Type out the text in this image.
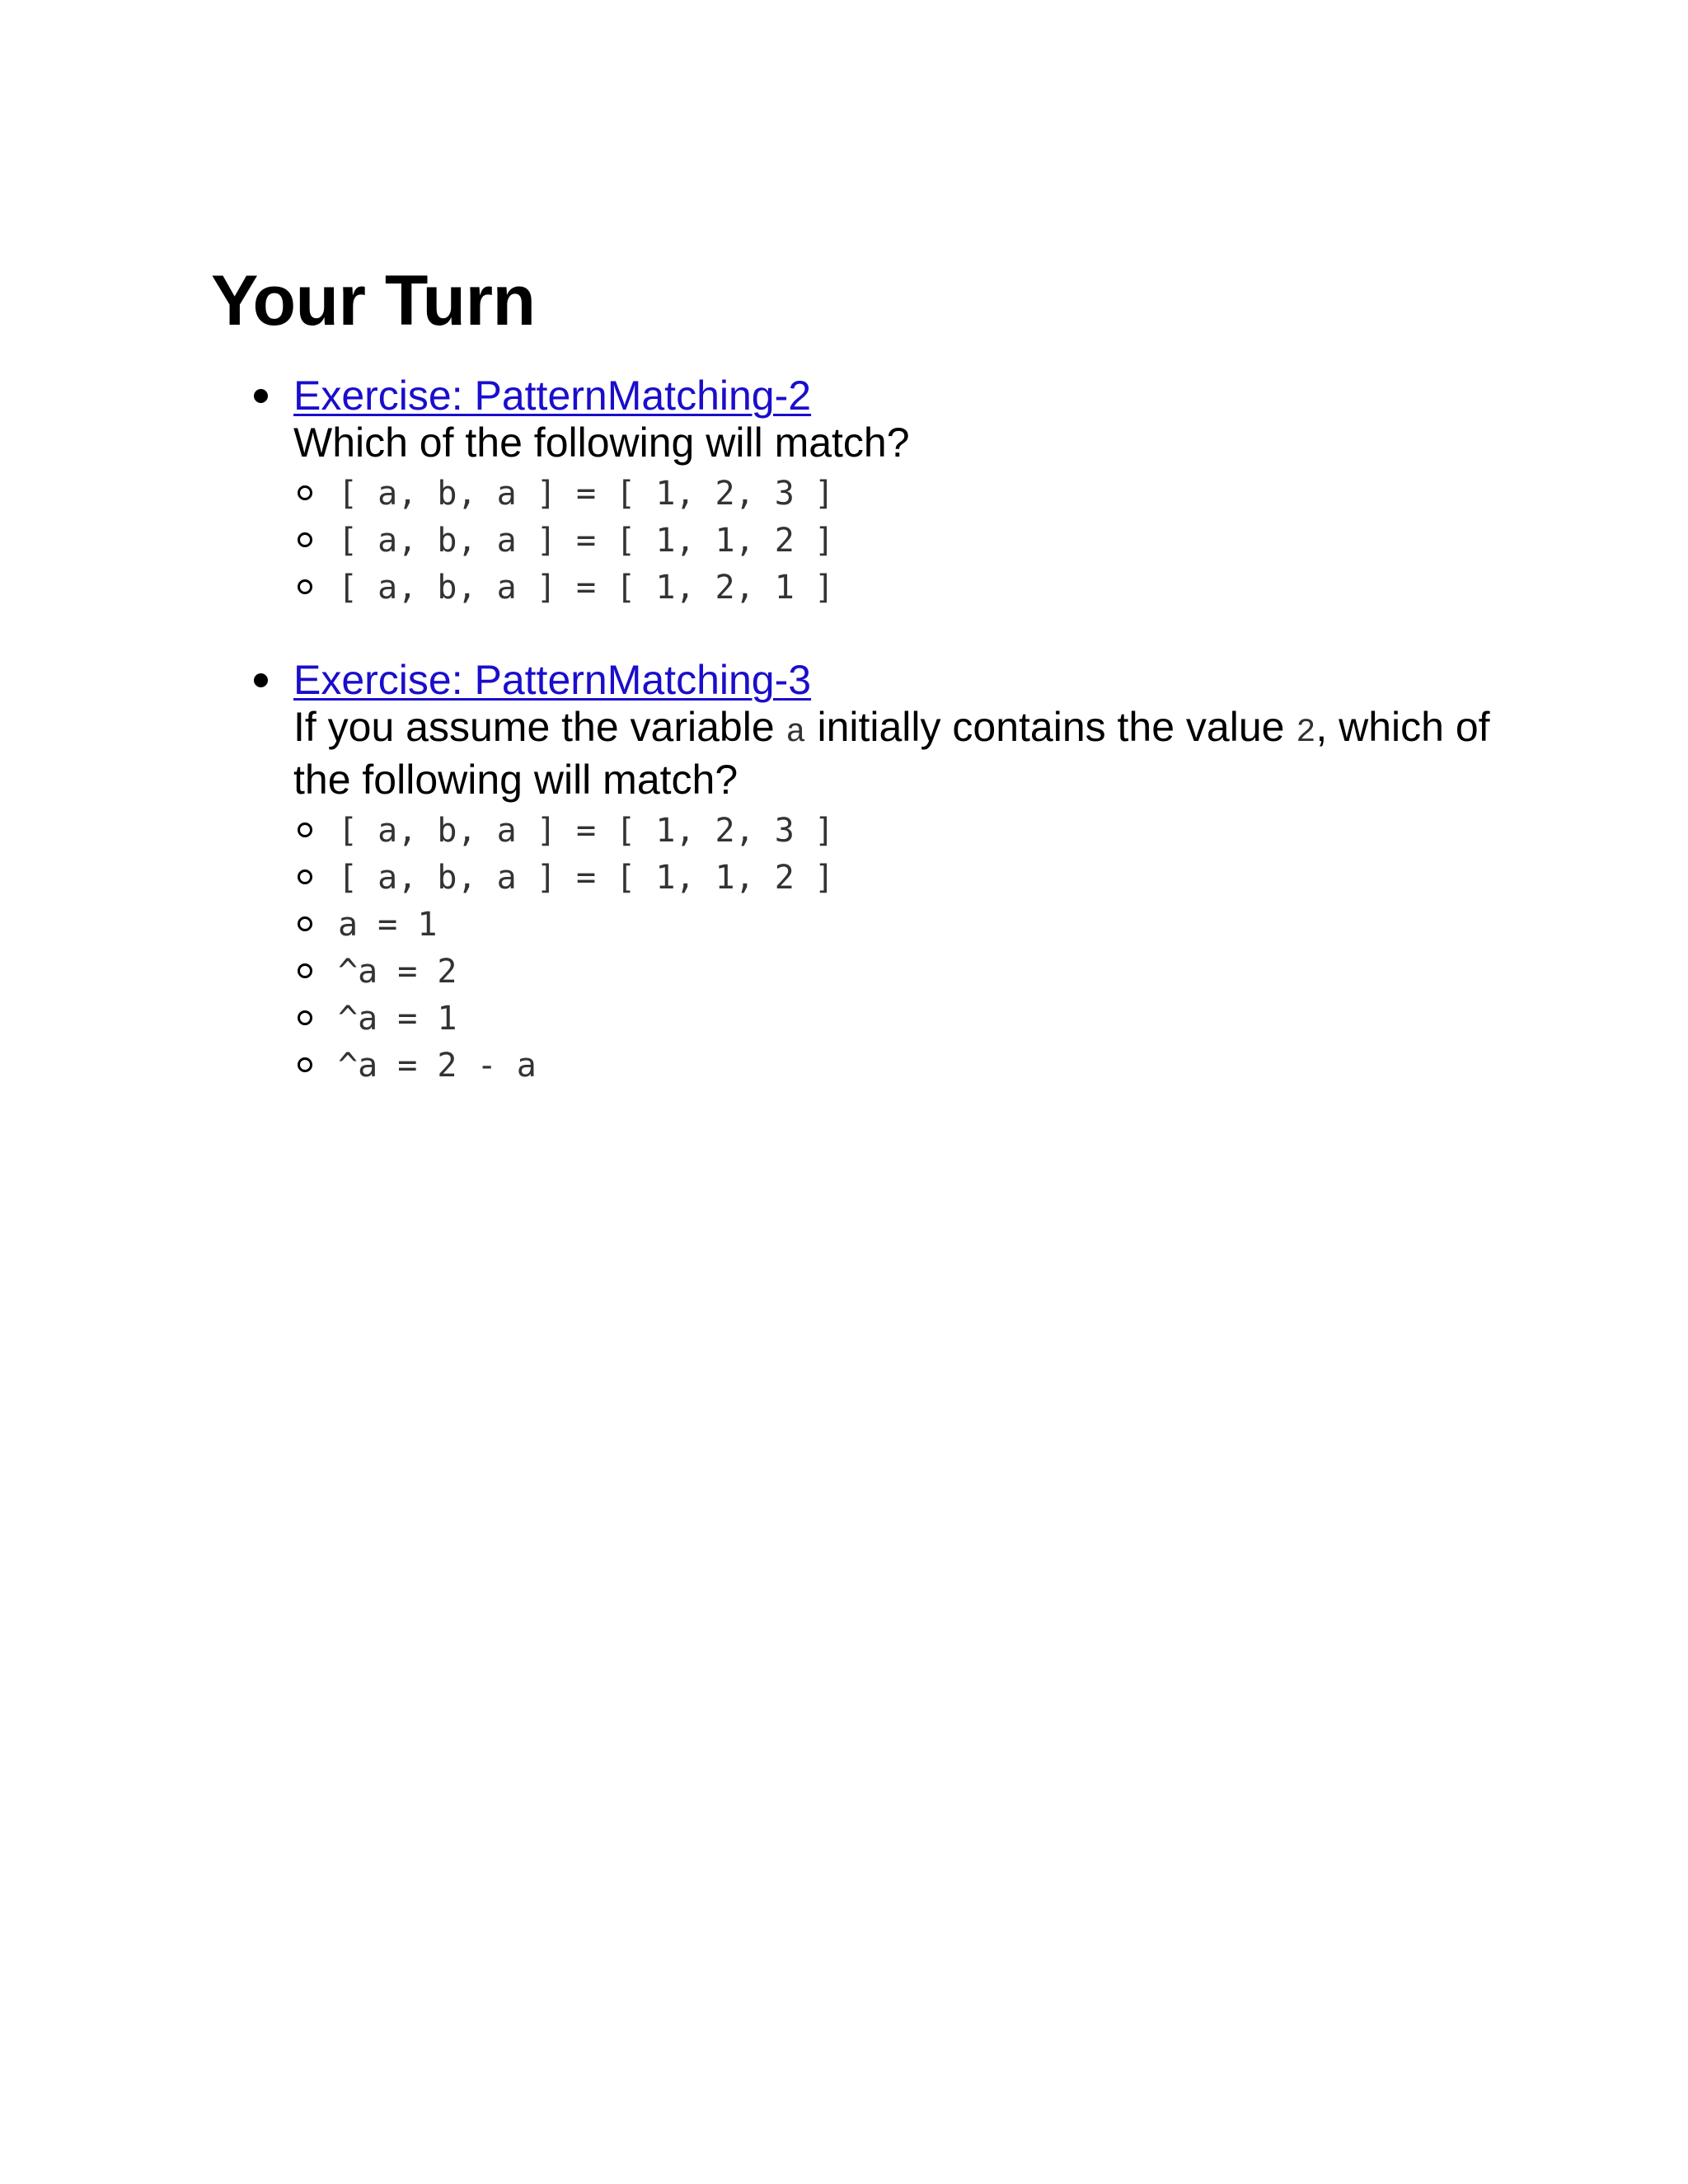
Your Turn
Exercise: PatternMatching-2
Which of the following will match?
[ a, b, a ] = [ 1, 2, 3 ]
[ a, b, a ] = [ 1, 1, 2 ]
[ a, b, a ] = [ 1, 2, 1 ]
Exercise: PatternMatching-3
If you assume the variable a initially contains the value 2, which of the following will match?
[ a, b, a ] = [ 1, 2, 3 ]
[ a, b, a ] = [ 1, 1, 2 ]
a = 1
^a = 2
^a = 1
^a = 2 - a
